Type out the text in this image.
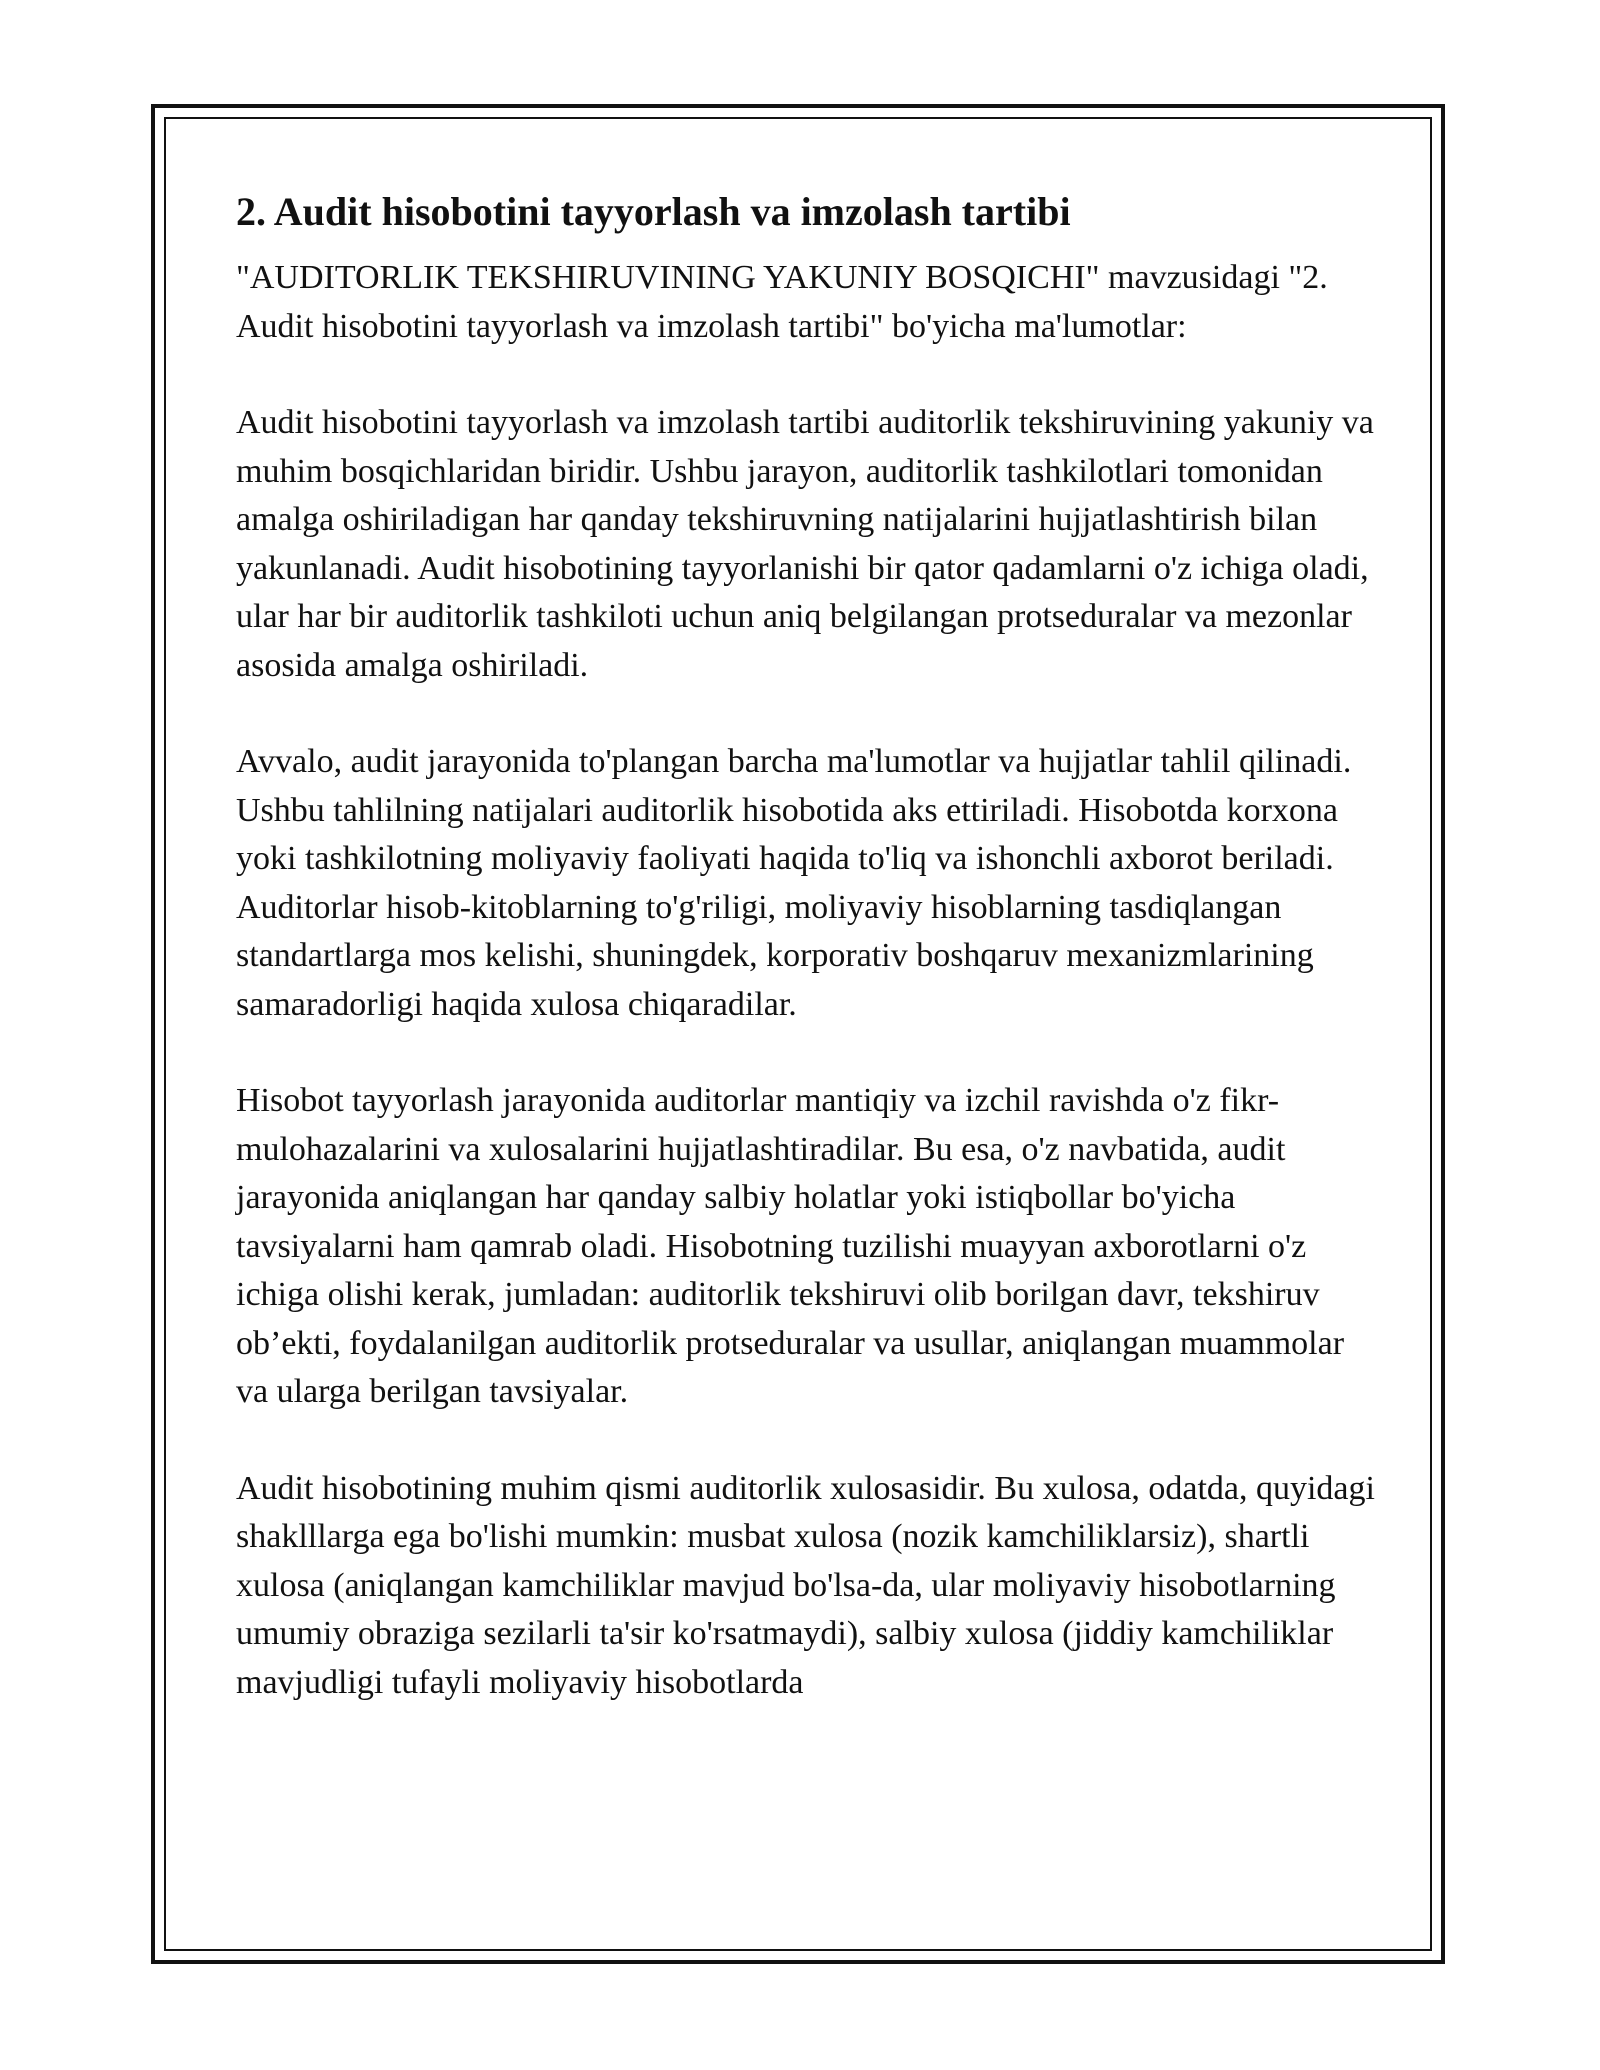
2. Audit hisobotini tayyorlash va imzolash tartibi

"AUDITORLIK TEKSHIRUVINING YAKUNIY BOSQICHI" mavzusidagi "2. Audit hisobotini tayyorlash va imzolash tartibi" bo'yicha ma'lumotlar:

Audit hisobotini tayyorlash va imzolash tartibi auditorlik tekshiruvining yakuniy va muhim bosqichlaridan biridir. Ushbu jarayon, auditorlik tashkilotlari tomonidan amalga oshiriladigan har qanday tekshiruvning natijalarini hujjatlashtirish bilan yakunlanadi. Audit hisobotining tayyorlanishi bir qator qadamlarni o'z ichiga oladi, ular har bir auditorlik tashkiloti uchun aniq belgilangan protseduralar va mezonlar asosida amalga oshiriladi.

Avvalo, audit jarayonida to'plangan barcha ma'lumotlar va hujjatlar tahlil qilinadi. Ushbu tahlilning natijalari auditorlik hisobotida aks ettiriladi. Hisobotda korxona yoki tashkilotning moliyaviy faoliyati haqida to'liq va ishonchli axborot beriladi. Auditorlar hisob-kitoblarning to'g'riligi, moliyaviy hisoblarning tasdiqlangan standartlarga mos kelishi, shuningdek, korporativ boshqaruv mexanizmlarining samaradorligi haqida xulosa chiqaradilar.

Hisobot tayyorlash jarayonida auditorlar mantiqiy va izchil ravishda o'z fikr-mulohazalarini va xulosalarini hujjatlashtiradilar. Bu esa, o'z navbatida, audit jarayonida aniqlangan har qanday salbiy holatlar yoki istiqbollar bo'yicha tavsiyalarni ham qamrab oladi. Hisobotning tuzilishi muayyan axborotlarni o'z ichiga olishi kerak, jumladan: auditorlik tekshiruvi olib borilgan davr, tekshiruv ob’ekti, foydalanilgan auditorlik protseduralar va usullar, aniqlangan muammolar va ularga berilgan tavsiyalar.

Audit hisobotining muhim qismi auditorlik xulosasidir. Bu xulosa, odatda, quyidagi shaklllarga ega bo'lishi mumkin: musbat xulosa (nozik kamchiliklarsiz), shartli xulosa (aniqlangan kamchiliklar mavjud bo'lsa-da, ular moliyaviy hisobotlarning umumiy obraziga sezilarli ta'sir ko'rsatmaydi), salbiy xulosa (jiddiy kamchiliklar mavjudligi tufayli moliyaviy hisobotlarda
